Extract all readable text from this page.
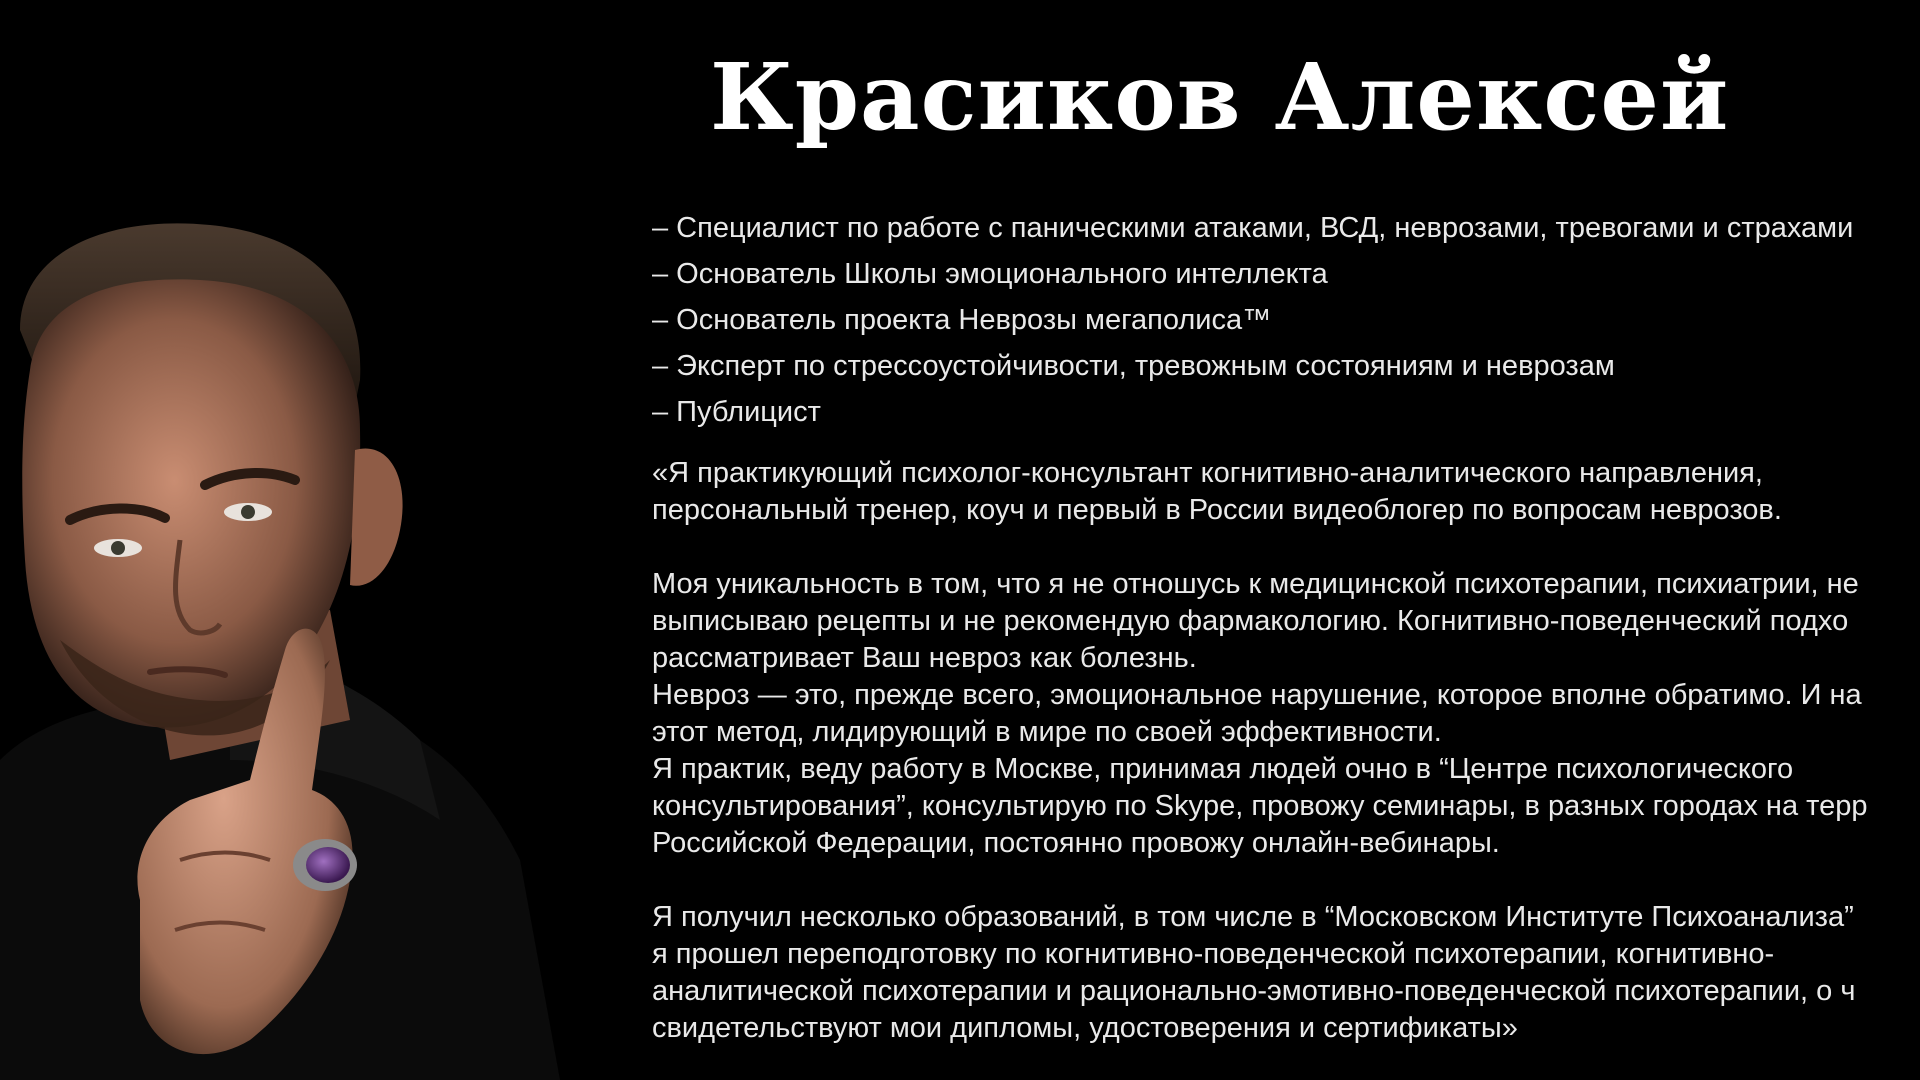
Красиков Алексей
– Специалист по работе с паническими атаками, ВСД, неврозами, тревогами и страхами
– Основатель Школы эмоционального интеллекта
– Основатель проекта Неврозы мегаполиса™
– Эксперт по стрессоустойчивости, тревожным состояниям и неврозам
– Публицист
«Я практикующий психолог-консультант когнитивно-аналитического направления,
персональный тренер, коуч и первый в России видеоблогер по вопросам неврозов.
Моя уникальность в том, что я не отношусь к медицинской психотерапии, психиатрии, не
выписываю рецепты и не рекомендую фармакологию. Когнитивно-поведенческий подхо
рассматривает Ваш невроз как болезнь.
Невроз — это, прежде всего, эмоциональное нарушение, которое вполне обратимо. И на
этот метод, лидирующий в мире по своей эффективности.
Я практик, веду работу в Москве, принимая людей очно в “Центре психологического
консультирования”, консультирую по Skype, провожу семинары, в разных городах на терр
Российской Федерации, постоянно провожу онлайн-вебинары.
Я получил несколько образований, в том числе в “Московском Институте Психоанализа”
я прошел переподготовку по когнитивно-поведенческой психотерапии, когнитивно-
аналитической психотерапии и рационально-эмотивно-поведенческой психотерапии, о ч
свидетельствуют мои дипломы, удостоверения и сертификаты»
